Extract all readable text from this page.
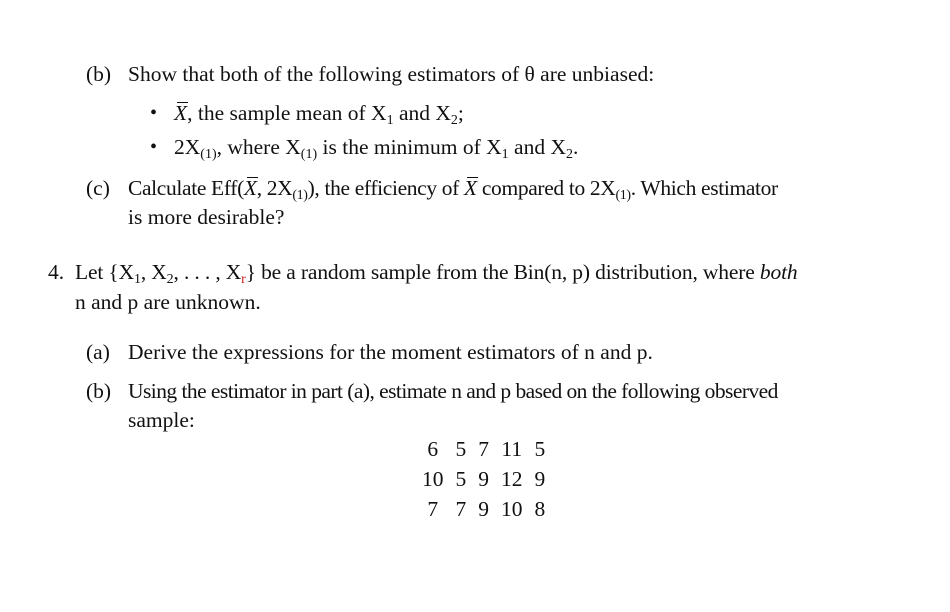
(b) Show that both of the following estimators of θ are unbiased:
• X, the sample mean of $X_1$ and $X_2$;
• $2X_{(1)}$, where $X_{(1)}$ is the minimum of $X_1$ and $X_2$.
(c) Calculate Eff(X, $2X_{(1)}$), the efficiency of X compared to $2X_{(1)}$. Which estimator
is more desirable?
4. Let {$X_1$, $X_2$, . . . , $X_r$} be a random sample from the Bin(n, p) distribution, where both
n and p are unknown.
(a) Derive the expressions for the moment estimators of n and p.
(b) Using the estimator in part (a), estimate n and p based on the following observed
sample:
6	5	7	11	5
10	5	9	12	9
7	7	9	10	8
